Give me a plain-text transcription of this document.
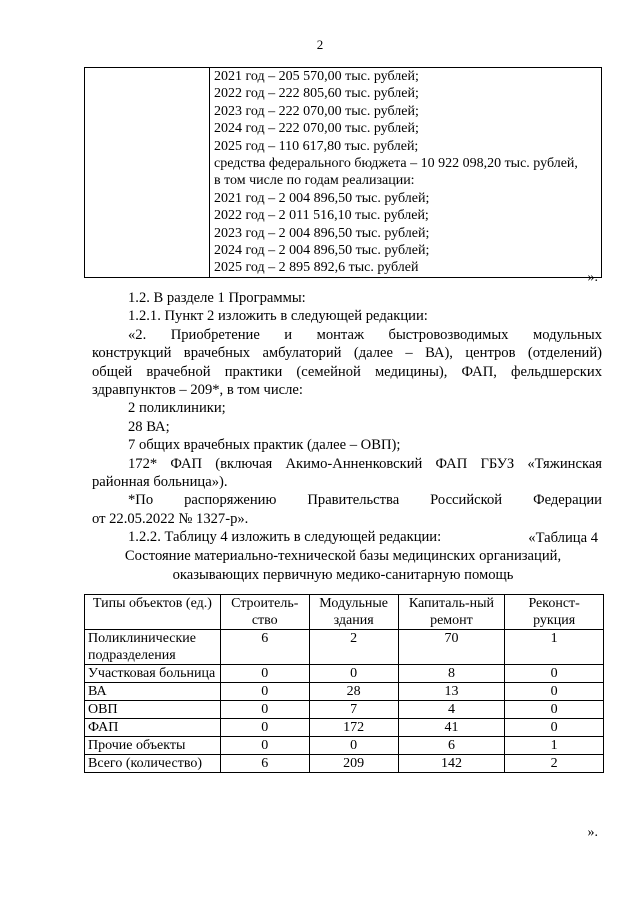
2

2021 год – 205 570,00 тыс. рублей;
2022 год – 222 805,60 тыс. рублей;
2023 год – 222 070,00 тыс. рублей;
2024 год – 222 070,00 тыс. рублей;
2025 год – 110 617,80 тыс. рублей;
средства федерального бюджета – 10 922 098,20 тыс. рублей,
в том числе по годам реализации:
2021 год – 2 004 896,50 тыс. рублей;
2022 год – 2 011 516,10 тыс. рублей;
2023 год – 2 004 896,50 тыс. рублей;
2024 год – 2 004 896,50 тыс. рублей;
2025 год – 2 895 892,6 тыс. рублей
».
1.2. В разделе 1 Программы:
1.2.1. Пункт 2 изложить в следующей редакции:
«2. Приобретение и монтаж быстровозводимых модульных
конструкций врачебных амбулаторий (далее – ВА), центров (отделений)
общей врачебной практики (семейной медицины), ФАП, фельдшерских
здравпунктов – 209*, в том числе:
2 поликлиники;
28 ВА;
7 общих врачебных практик (далее – ОВП);
172* ФАП (включая Акимо-Анненковский ФАП ГБУЗ «Тяжинская
районная больница»).
*По распоряжению Правительства Российской Федерации
от 22.05.2022 № 1327-р».
1.2.2. Таблицу 4 изложить в следующей редакции:	«Таблица 4
Состояние материально-технической базы медицинских организаций,
оказывающих первичную медико-санитарную помощь
Типы объектов (ед.)	Строитель-ство	Модульные здания	Капиталь-ный ремонт	Реконст-рукция
Поликлинические подразделения	6	2	70	1
Участковая больница	0	0	8	0
ВА	0	28	13	0
ОВП	0	7	4	0
ФАП	0	172	41	0
Прочие объекты	0	0	6	1
Всего (количество)	6	209	142	2
».
